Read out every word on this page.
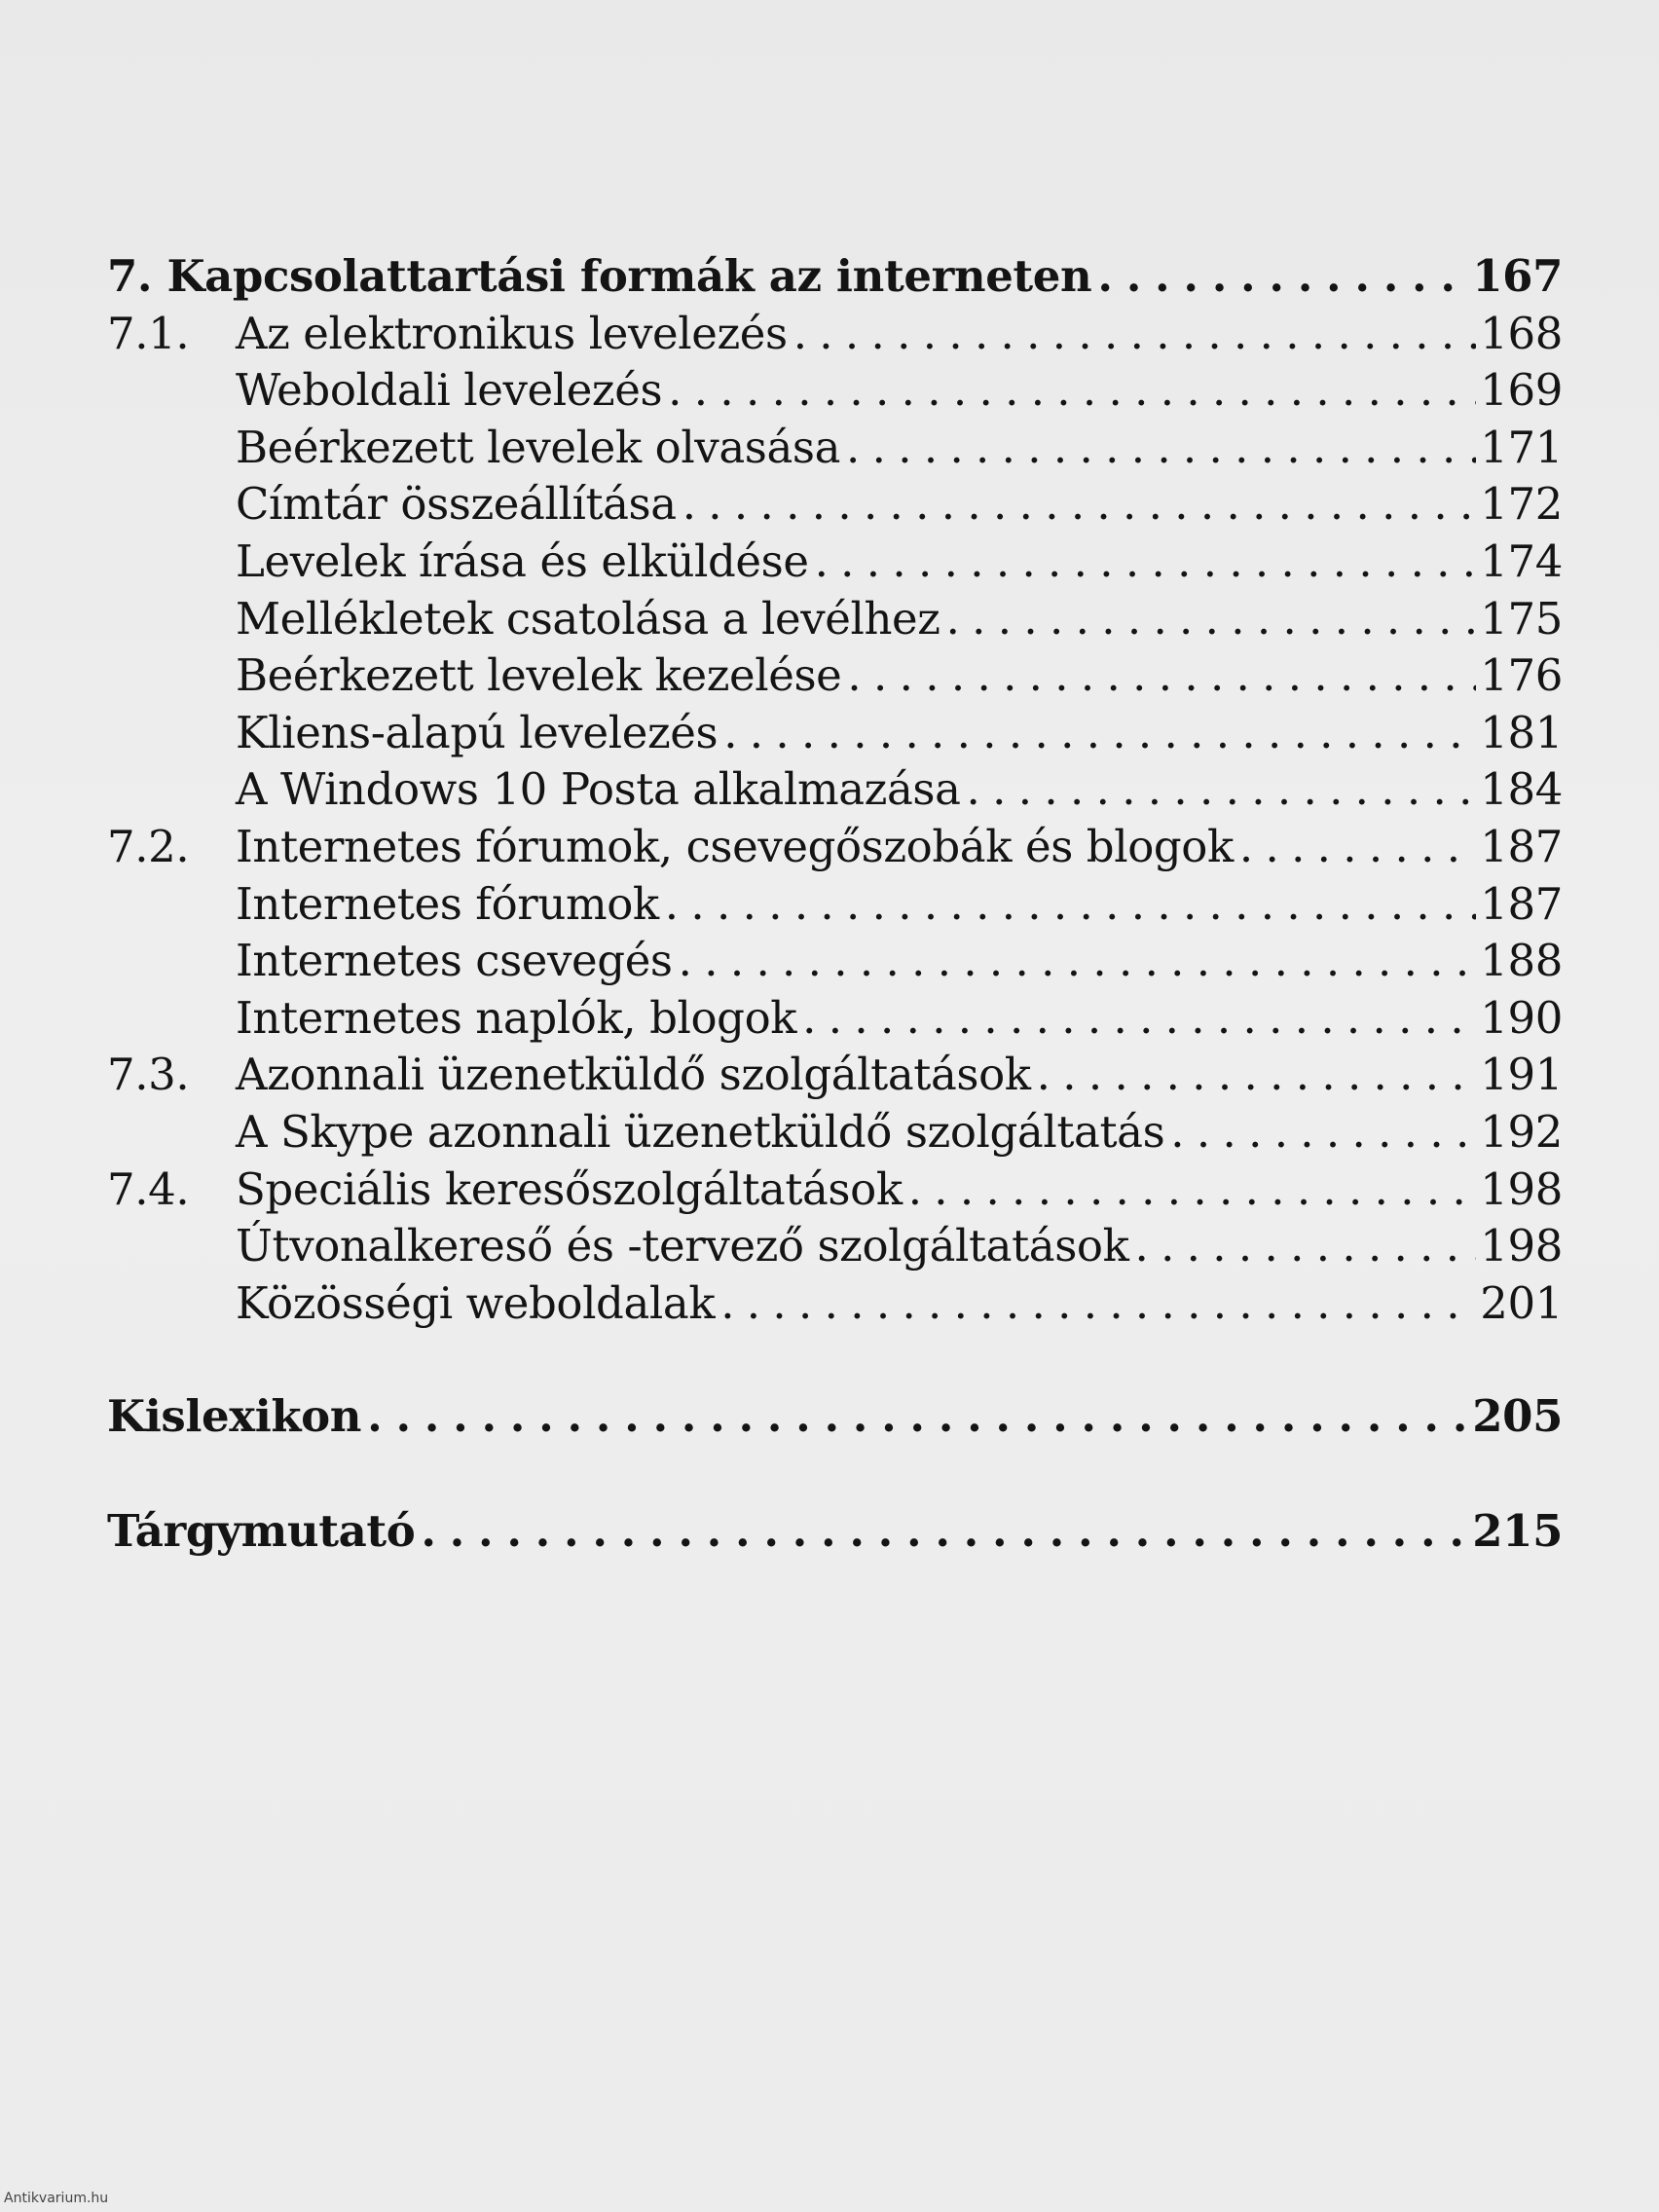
7. Kapcsolattartási formák az interneten . . .	167
7.1.	Az elektronikus levelezés . . .	168
Weboldali levelezés . . .	169
Beérkezett levelek olvasása . . .	171
Címtár összeállítása . . .	172
Levelek írása és elküldése . . .	174
Mellékletek csatolása a levélhez . . .	175
Beérkezett levelek kezelése . . .	176
Kliens-alapú levelezés . . .	181
A Windows 10 Posta alkalmazása . . .	184
7.2.	Internetes fórumok, csevegőszobák és blogok . . .	187
Internetes fórumok . . .	187
Internetes csevegés . . .	188
Internetes naplók, blogok . . .	190
7.3.	Azonnali üzenetküldő szolgáltatások . . .	191
A Skype azonnali üzenetküldő szolgáltatás . . .	192
7.4.	Speciális keresőszolgáltatások . . .	198
Útvonalkereső és -tervező szolgáltatások . . .	198
Közösségi weboldalak . . .	201
Kislexikon . . .	205
Tárgymutató . . .	215
Antikvarium.hu
